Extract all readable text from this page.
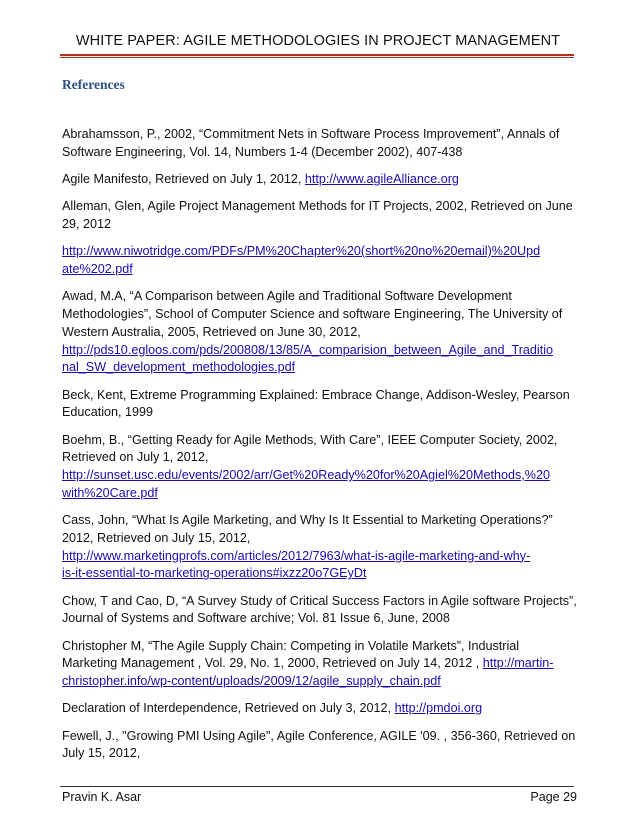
WHITE PAPER: AGILE METHODOLOGIES IN PROJECT MANAGEMENT
References
Abrahamsson, P., 2002, “Commitment Nets in Software Process Improvement”, Annals of
Software Engineering, Vol. 14, Numbers 1-4 (December 2002), 407-438
Agile Manifesto, Retrieved on July 1, 2012, http://www.agileAlliance.org
Alleman, Glen, Agile Project Management Methods for IT Projects, 2002, Retrieved on June
29, 2012
http://www.niwotridge.com/PDFs/PM%20Chapter%20(short%20no%20email)%20Upd
ate%202.pdf
Awad, M.A, “A Comparison between Agile and Traditional Software Development
Methodologies”, School of Computer Science and software Engineering, The University of
Western Australia, 2005, Retrieved on June 30, 2012,
http://pds10.egloos.com/pds/200808/13/85/A_comparision_between_Agile_and_Traditio
nal_SW_development_methodologies.pdf
Beck, Kent, Extreme Programming Explained: Embrace Change, Addison-Wesley, Pearson
Education, 1999
Boehm, B., “Getting Ready for Agile Methods, With Care”, IEEE Computer Society, 2002,
Retrieved on July 1, 2012,
http://sunset.usc.edu/events/2002/arr/Get%20Ready%20for%20Agiel%20Methods,%20
with%20Care.pdf
Cass, John, “What Is Agile Marketing, and Why Is It Essential to Marketing Operations?”
2012, Retrieved on July 15, 2012,
http://www.marketingprofs.com/articles/2012/7963/what-is-agile-marketing-and-why-
is-it-essential-to-marketing-operations#ixzz20o7GEyDt
Chow, T and Cao, D, “A Survey Study of Critical Success Factors in Agile software Projects”,
Journal of Systems and Software archive; Vol. 81 Issue 6, June, 2008
Christopher M, “The Agile Supply Chain: Competing in Volatile Markets”, Industrial
Marketing Management , Vol. 29, No. 1, 2000, Retrieved on July 14, 2012 , http://martin-
christopher.info/wp-content/uploads/2009/12/agile_supply_chain.pdf
Declaration of Interdependence, Retrieved on July 3, 2012, http://pmdoi.org
Fewell, J., "Growing PMI Using Agile", Agile Conference, AGILE '09. , 356-360, Retrieved on
July 15, 2012,
Pravin K. Asar	Page 29
